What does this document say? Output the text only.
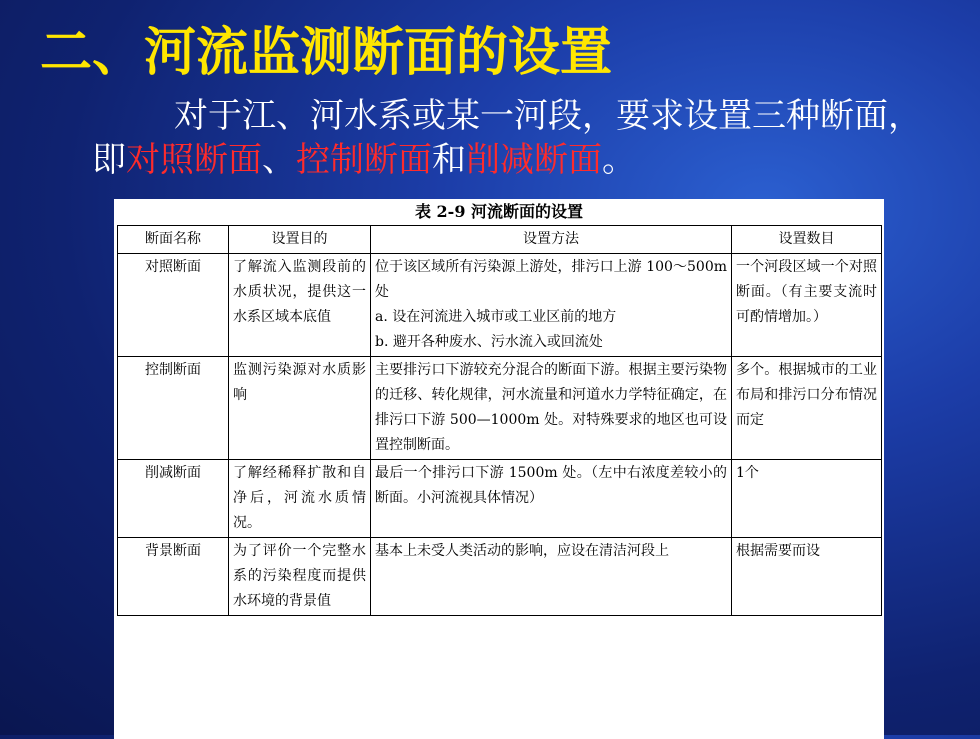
二、河流监测断面的设置

对于江、河水系或某一河段，要求设置三种断面，即对照断面、控制断面和削减断面。

表 2-9 河流断面的设置
断面名称	设置目的	设置方法	设置数目
对照断面	了解流入监测段前的水质状况，提供这一水系区域本底值	位于该区域所有污染源上游处，排污口上游 100～500m 处
a. 设在河流进入城市或工业区前的地方
b. 避开各种废水、污水流入或回流处	一个河段区域一个对照断面。（有主要支流时可酌情增加。）
控制断面	监测污染源对水质影响	主要排污口下游较充分混合的断面下游。根据主要污染物的迁移、转化规律，河水流量和河道水力学特征确定，在排污口下游 500—1000m 处。对特殊要求的地区也可设置控制断面。	多个。根据城市的工业布局和排污口分布情况而定
削减断面	了解经稀释扩散和自净后，河流水质情况。	最后一个排污口下游 1500m 处。（左中右浓度差较小的断面。小河流视具体情况）	1个
背景断面	为了评价一个完整水系的污染程度而提供水环境的背景值	基本上未受人类活动的影响，应设在清洁河段上	根据需要而设
